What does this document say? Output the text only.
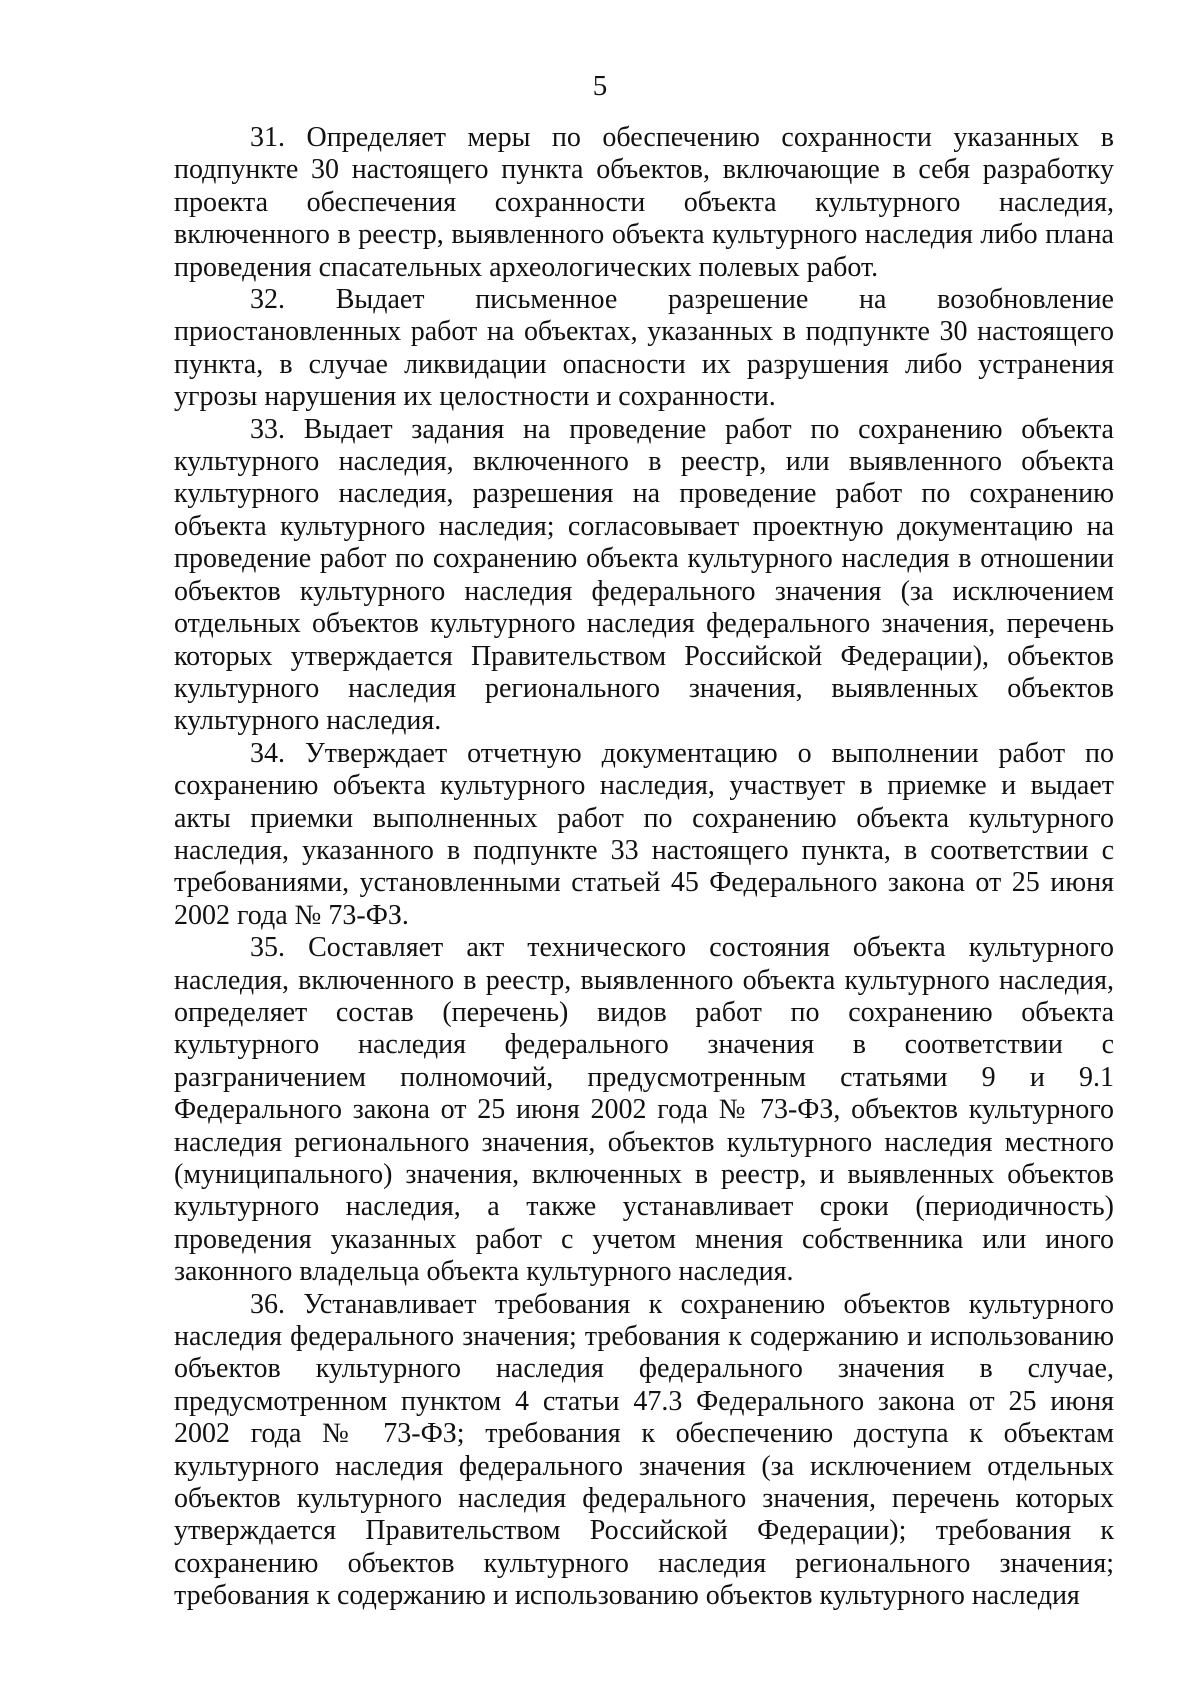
5

31. Определяет меры по обеспечению сохранности указанных в подпункте 30 настоящего пункта объектов, включающие в себя разработку проекта обеспечения сохранности объекта культурного наследия, включенного в реестр, выявленного объекта культурного наследия либо плана проведения спасательных археологических полевых работ.

32. Выдает письменное разрешение на возобновление приостановленных работ на объектах, указанных в подпункте 30 настоящего пункта, в случае ликвидации опасности их разрушения либо устранения угрозы нарушения их целостности и сохранности.

33. Выдает задания на проведение работ по сохранению объекта культурного наследия, включенного в реестр, или выявленного объекта культурного наследия, разрешения на проведение работ по сохранению объекта культурного наследия; согласовывает проектную документацию на проведение работ по сохранению объекта культурного наследия в отношении объектов культурного наследия федерального значения (за исключением отдельных объектов культурного наследия федерального значения, перечень которых утверждается Правительством Российской Федерации), объектов культурного наследия регионального значения, выявленных объектов культурного наследия.

34. Утверждает отчетную документацию о выполнении работ по сохранению объекта культурного наследия, участвует в приемке и выдает акты приемки выполненных работ по сохранению объекта культурного наследия, указанного в подпункте 33 настоящего пункта, в соответствии с требованиями, установленными статьей 45 Федерального закона от 25 июня 2002 года № 73-ФЗ.

35. Составляет акт технического состояния объекта культурного наследия, включенного в реестр, выявленного объекта культурного наследия, определяет состав (перечень) видов работ по сохранению объекта культурного наследия федерального значения в соответствии с разграничением полномочий, предусмотренным статьями 9 и 9.1 Федерального закона от 25 июня 2002 года № 73-ФЗ, объектов культурного наследия регионального значения, объектов культурного наследия местного (муниципального) значения, включенных в реестр, и выявленных объектов культурного наследия, а также устанавливает сроки (периодичность) проведения указанных работ с учетом мнения собственника или иного законного владельца объекта культурного наследия.

36. Устанавливает требования к сохранению объектов культурного наследия федерального значения; требования к содержанию и использованию объектов культурного наследия федерального значения в случае, предусмотренном пунктом 4 статьи 47.3 Федерального закона от 25 июня 2002 года № 73-ФЗ; требования к обеспечению доступа к объектам культурного наследия федерального значения (за исключением отдельных объектов культурного наследия федерального значения, перечень которых утверждается Правительством Российской Федерации); требования к сохранению объектов культурного наследия регионального значения; требования к содержанию и использованию объектов культурного наследия
